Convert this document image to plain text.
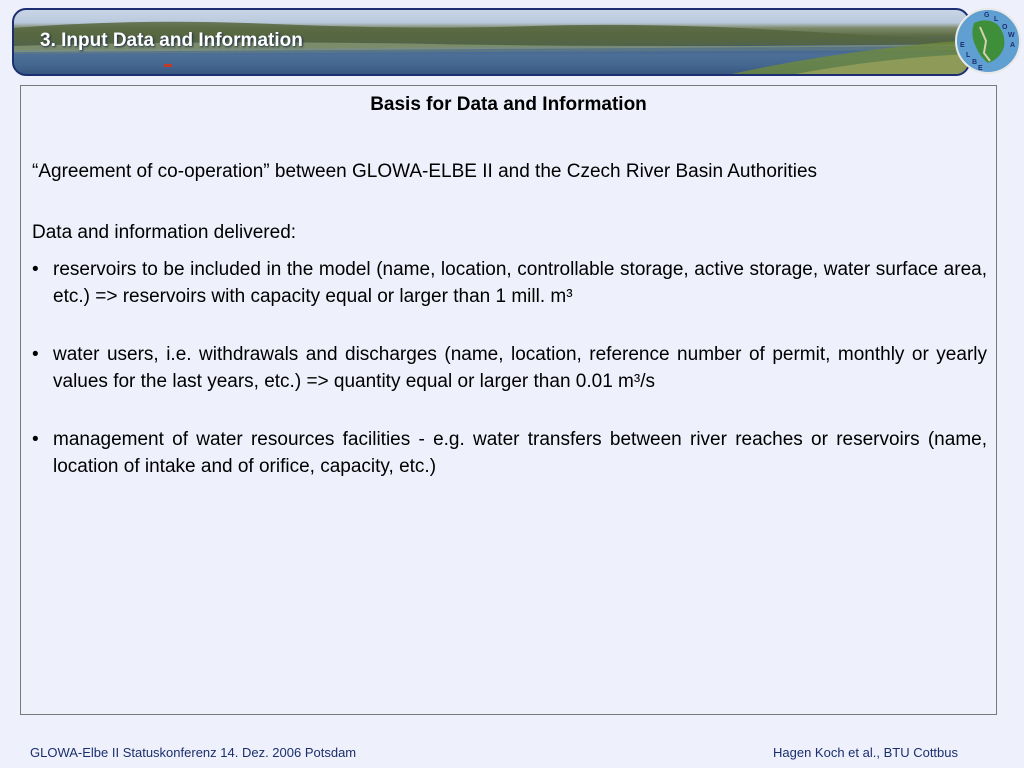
3. Input Data and Information
G
L
O
W
A
E
L
B
E
Basis for Data and Information

“Agreement of co-operation” between GLOWA-ELBE II and the Czech River Basin Authorities

Data and information delivered:

• reservoirs to be included in the model (name, location, controllable storage, active storage, water surface area, etc.) => reservoirs with capacity equal or larger than 1 mill. m³
• water users, i.e. withdrawals and discharges (name, location, reference number of permit, monthly or yearly values for the last years, etc.) => quantity equal or larger than 0.01 m³/s
• management of water resources facilities - e.g. water transfers between river reaches or reservoirs (name, location of intake and of orifice, capacity, etc.)

GLOWA-Elbe II Statuskonferenz 14. Dez. 2006 Potsdam	Hagen Koch et al., BTU Cottbus
